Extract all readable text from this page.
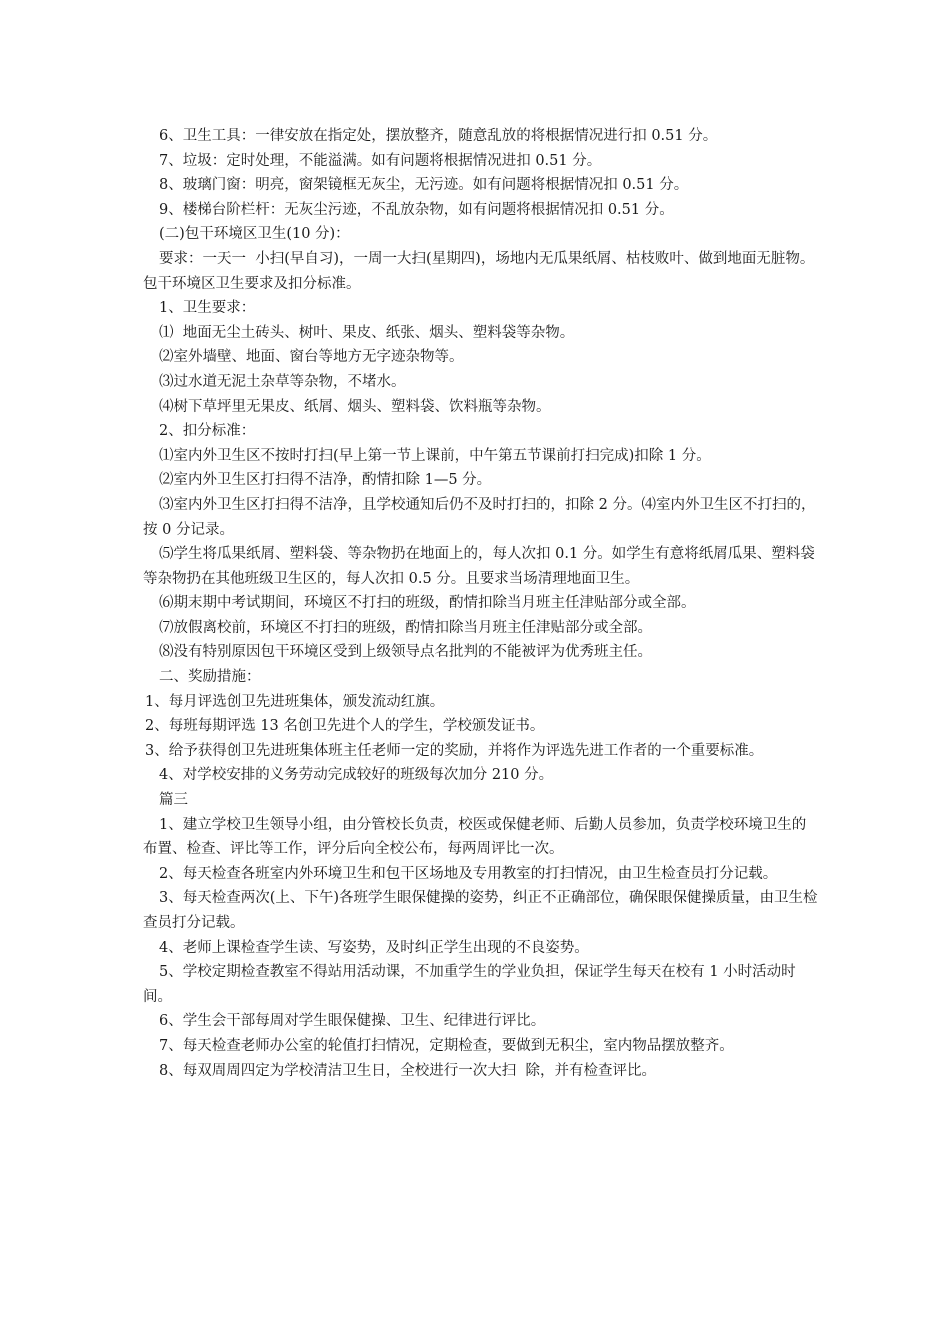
6、卫生工具：一律安放在指定处，摆放整齐，随意乱放的将根据情况进行扣 0.51 分。

7、垃圾：定时处理，不能溢满。如有问题将根据情况进扣 0.51 分。

8、玻璃门窗：明亮，窗架镜框无灰尘，无污迹。如有问题将根据情况扣 0.51 分。

9、楼梯台阶栏杆：无灰尘污迹，不乱放杂物，如有问题将根据情况扣 0.51 分。

(二)包干环境区卫生(10 分)：

要求：一天一  小扫(早自习)，一周一大扫(星期四)，场地内无瓜果纸屑、枯枝败叶、做到地面无脏物。包干环境区卫生要求及扣分标准。

1、卫生要求：

⑴  地面无尘土砖头、树叶、果皮、纸张、烟头、塑料袋等杂物。

⑵室外墙壁、地面、窗台等地方无字迹杂物等。

⑶过水道无泥土杂草等杂物，不堵水。

⑷树下草坪里无果皮、纸屑、烟头、塑料袋、饮料瓶等杂物。

2、扣分标准：

⑴室内外卫生区不按时打扫(早上第一节上课前，中午第五节课前打扫完成)扣除 1 分。

⑵室内外卫生区打扫得不洁净，酌情扣除 1—5 分。

⑶室内外卫生区打扫得不洁净，且学校通知后仍不及时打扫的，扣除 2 分。⑷室内外卫生区不打扫的，按 0 分记录。

⑸学生将瓜果纸屑、塑料袋、等杂物扔在地面上的，每人次扣 0.1 分。如学生有意将纸屑瓜果、塑料袋等杂物扔在其他班级卫生区的，每人次扣 0.5 分。且要求当场清理地面卫生。

⑹期末期中考试期间，环境区不打扫的班级，酌情扣除当月班主任津贴部分或全部。

⑺放假离校前，环境区不打扫的班级，酌情扣除当月班主任津贴部分或全部。

⑻没有特别原因包干环境区受到上级领导点名批判的不能被评为优秀班主任。

二、奖励措施：

1、每月评选创卫先进班集体，颁发流动红旗。

2、每班每期评选 13 名创卫先进个人的学生，学校颁发证书。

3、给予获得创卫先进班集体班主任老师一定的奖励，并将作为评选先进工作者的一个重要标准。

4、对学校安排的义务劳动完成较好的班级每次加分 210 分。

篇三

1、建立学校卫生领导小组，由分管校长负责，校医或保健老师、后勤人员参加，负责学校环境卫生的布置、检查、评比等工作，评分后向全校公布，每两周评比一次。

2、每天检查各班室内外环境卫生和包干区场地及专用教室的打扫情况，由卫生检查员打分记载。

3、每天检查两次(上、下午)各班学生眼保健操的姿势，纠正不正确部位，确保眼保健操质量，由卫生检查员打分记载。

4、老师上课检查学生读、写姿势，及时纠正学生出现的不良姿势。

5、学校定期检查教室不得站用活动课，不加重学生的学业负担，保证学生每天在校有 1 小时活动时间。

6、学生会干部每周对学生眼保健操、卫生、纪律进行评比。

7、每天检查老师办公室的轮值打扫情况，定期检查，要做到无积尘，室内物品摆放整齐。

8、每双周周四定为学校清洁卫生日，全校进行一次大扫  除，并有检查评比。
